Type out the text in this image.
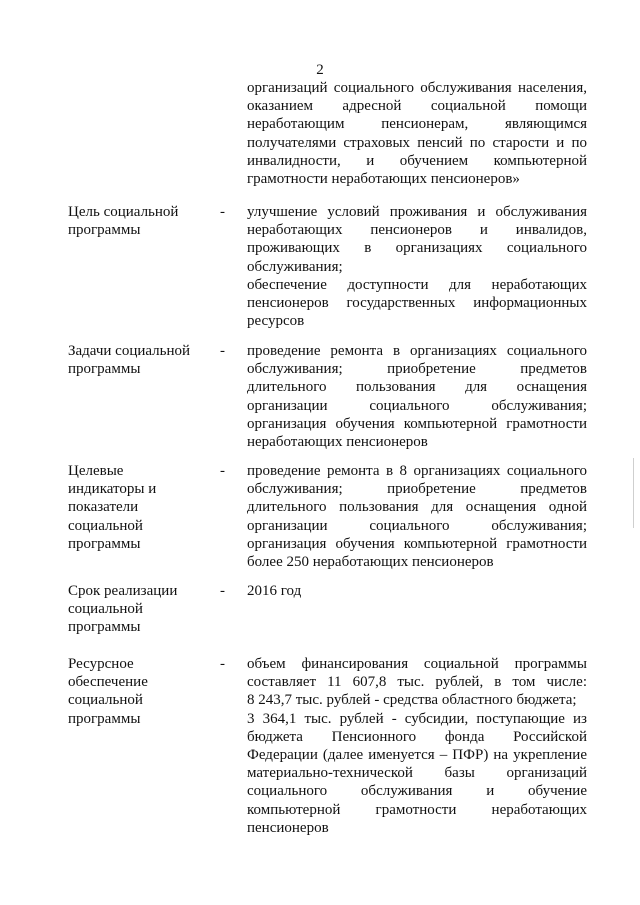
2
организаций социального обслуживания населения,
оказанием адресной социальной помощи
неработающим пенсионерам, являющимся
получателями страховых пенсий по старости и по
инвалидности, и обучением компьютерной
грамотности неработающих пенсионеров»
Цель социальной
программы
- улучшение условий проживания и обслуживания
неработающих пенсионеров и инвалидов,
проживающих в организациях социального
обслуживания;
обеспечение доступности для неработающих
пенсионеров государственных информационных
ресурсов
Задачи социальной
программы
- проведение ремонта в организациях социального
обслуживания; приобретение предметов
длительного пользования для оснащения
организации социального обслуживания;
организация обучения компьютерной грамотности
неработающих пенсионеров
Целевые
индикаторы и
показатели
социальной
программы
- проведение ремонта в 8 организациях социального
обслуживания; приобретение предметов
длительного пользования для оснащения одной
организации социального обслуживания;
организация обучения компьютерной грамотности
более 250 неработающих пенсионеров
Срок реализации
социальной
программы
- 2016 год
Ресурсное
обеспечение
социальной
программы
- объем финансирования социальной программы
составляет 11 607,8 тыс. рублей, в том числе:
8 243,7 тыс. рублей - средства областного бюджета;
3 364,1 тыс. рублей - субсидии, поступающие из
бюджета Пенсионного фонда Российской
Федерации (далее именуется – ПФР) на укрепление
материально-технической базы организаций
социального обслуживания и обучение
компьютерной грамотности неработающих
пенсионеров
